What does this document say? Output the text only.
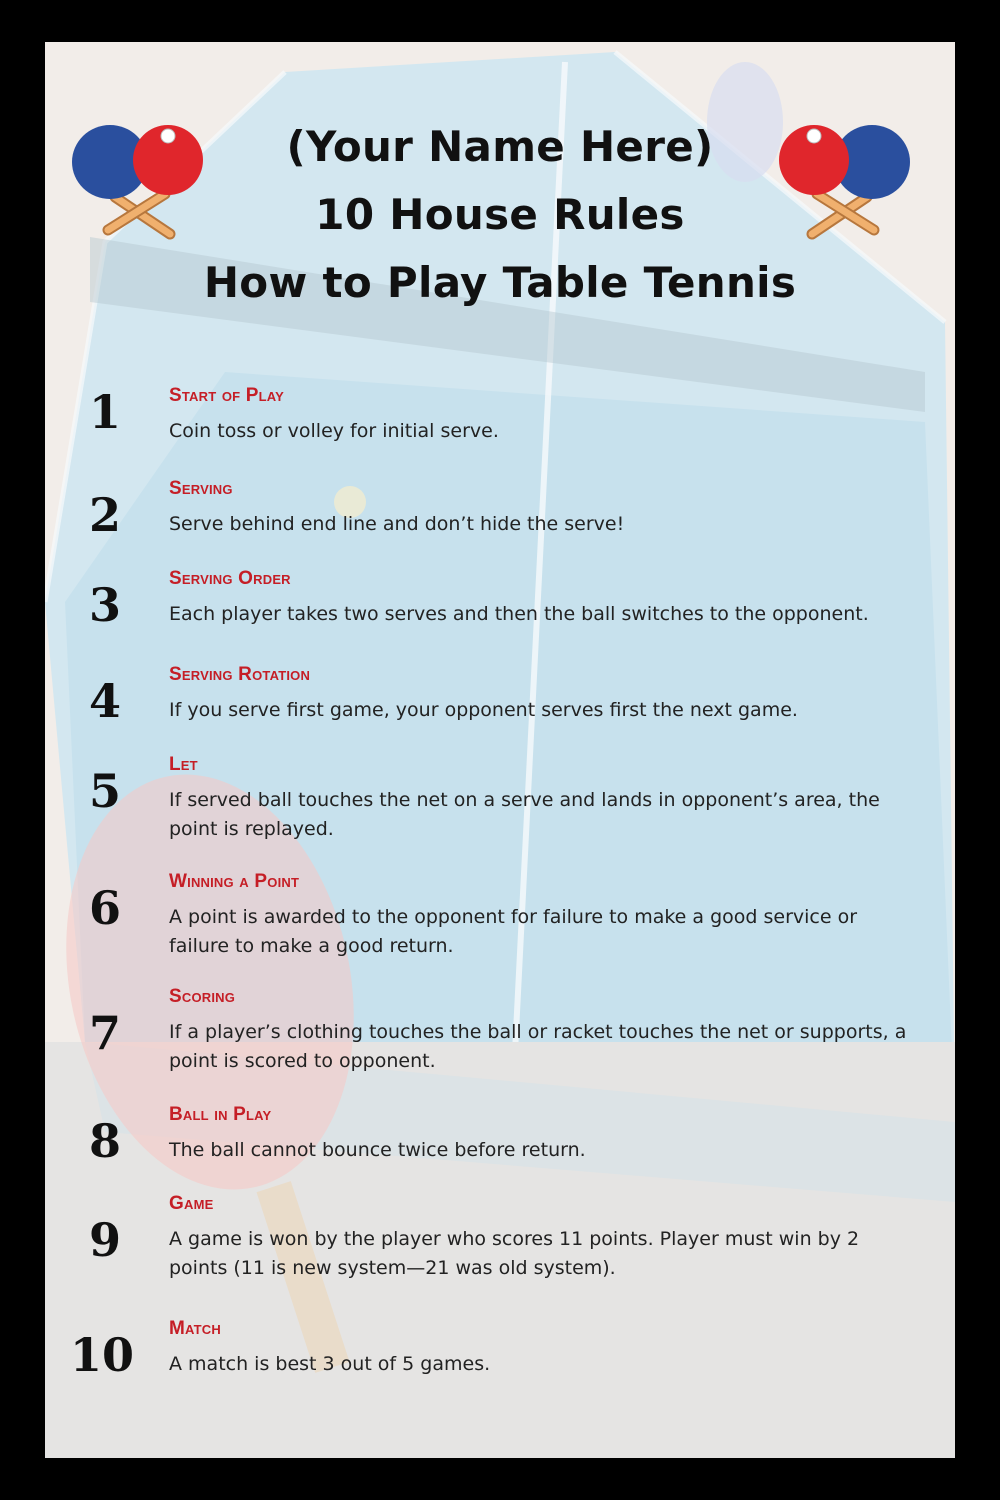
(Your Name Here)
10 House Rules
How to Play Table Tennis
1	Start of Play

Coin toss or volley for initial serve.

2	Serving

Serve behind end line and don’t hide the serve!

3	Serving Order

Each player takes two serves and then the ball switches to the opponent.

4	Serving Rotation

If you serve first game, your opponent serves first the next game.

5	Let

If served ball touches the net on a serve and lands in opponent’s area, the point is replayed.

6	Winning a Point

A point is awarded to the opponent for failure to make a good service or failure to make a good return.

7
Scoring

If a player’s clothing touches the ball or racket touches the net or supports, a point is scored to opponent.

8	Ball in Play

The ball cannot bounce twice before return.

9
Game

A game is won by the player who scores 11 points. Player must win by 2 points (11 is new system—21 was old system).

10	Match

A match is best 3 out of 5 games.
